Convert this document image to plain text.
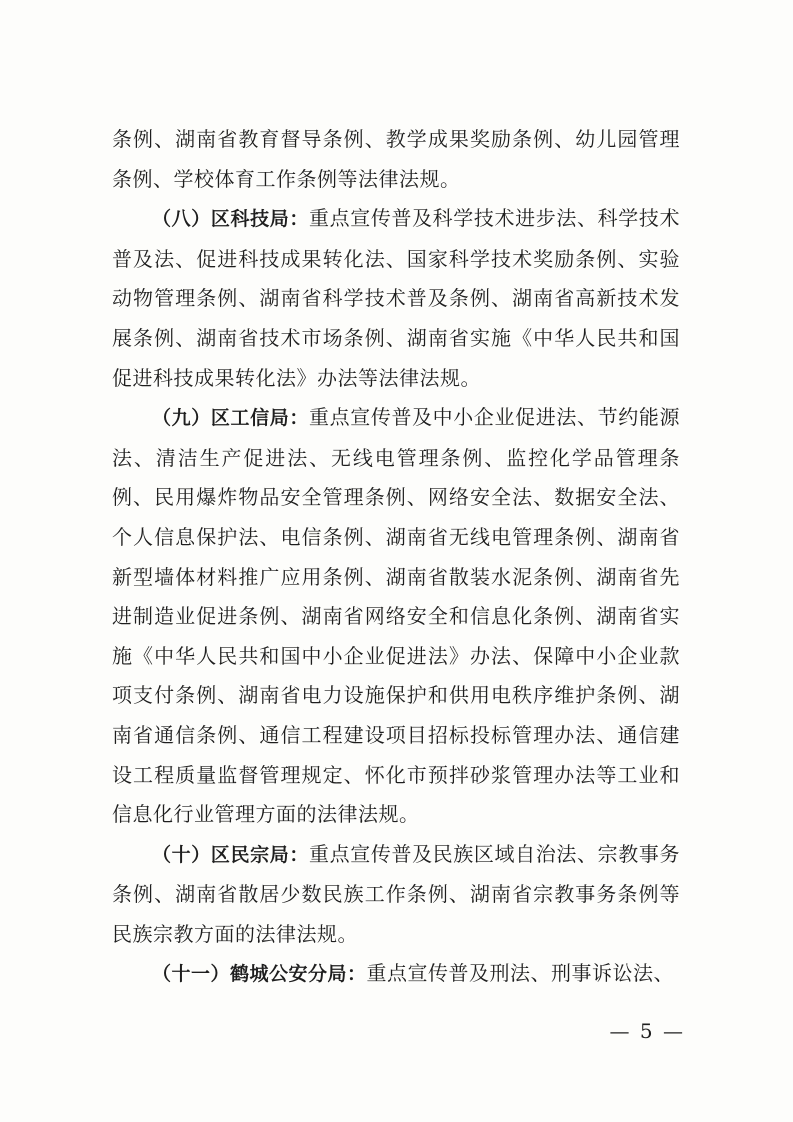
条例、湖南省教育督导条例、教学成果奖励条例、幼儿园管理条例、学校体育工作条例等法律法规。

（八）区科技局：重点宣传普及科学技术进步法、科学技术普及法、促进科技成果转化法、国家科学技术奖励条例、实验动物管理条例、湖南省科学技术普及条例、湖南省高新技术发展条例、湖南省技术市场条例、湖南省实施《中华人民共和国促进科技成果转化法》办法等法律法规。

（九）区工信局：重点宣传普及中小企业促进法、节约能源法、清洁生产促进法、无线电管理条例、监控化学品管理条例、民用爆炸物品安全管理条例、网络安全法、数据安全法、个人信息保护法、电信条例、湖南省无线电管理条例、湖南省新型墙体材料推广应用条例、湖南省散装水泥条例、湖南省先进制造业促进条例、湖南省网络安全和信息化条例、湖南省实施《中华人民共和国中小企业促进法》办法、保障中小企业款项支付条例、湖南省电力设施保护和供用电秩序维护条例、湖南省通信条例、通信工程建设项目招标投标管理办法、通信建设工程质量监督管理规定、怀化市预拌砂浆管理办法等工业和信息化行业管理方面的法律法规。

（十）区民宗局：重点宣传普及民族区域自治法、宗教事务条例、湖南省散居少数民族工作条例、湖南省宗教事务条例等民族宗教方面的法律法规。

（十一）鹤城公安分局：重点宣传普及刑法、刑事诉讼法、

— 5 —
